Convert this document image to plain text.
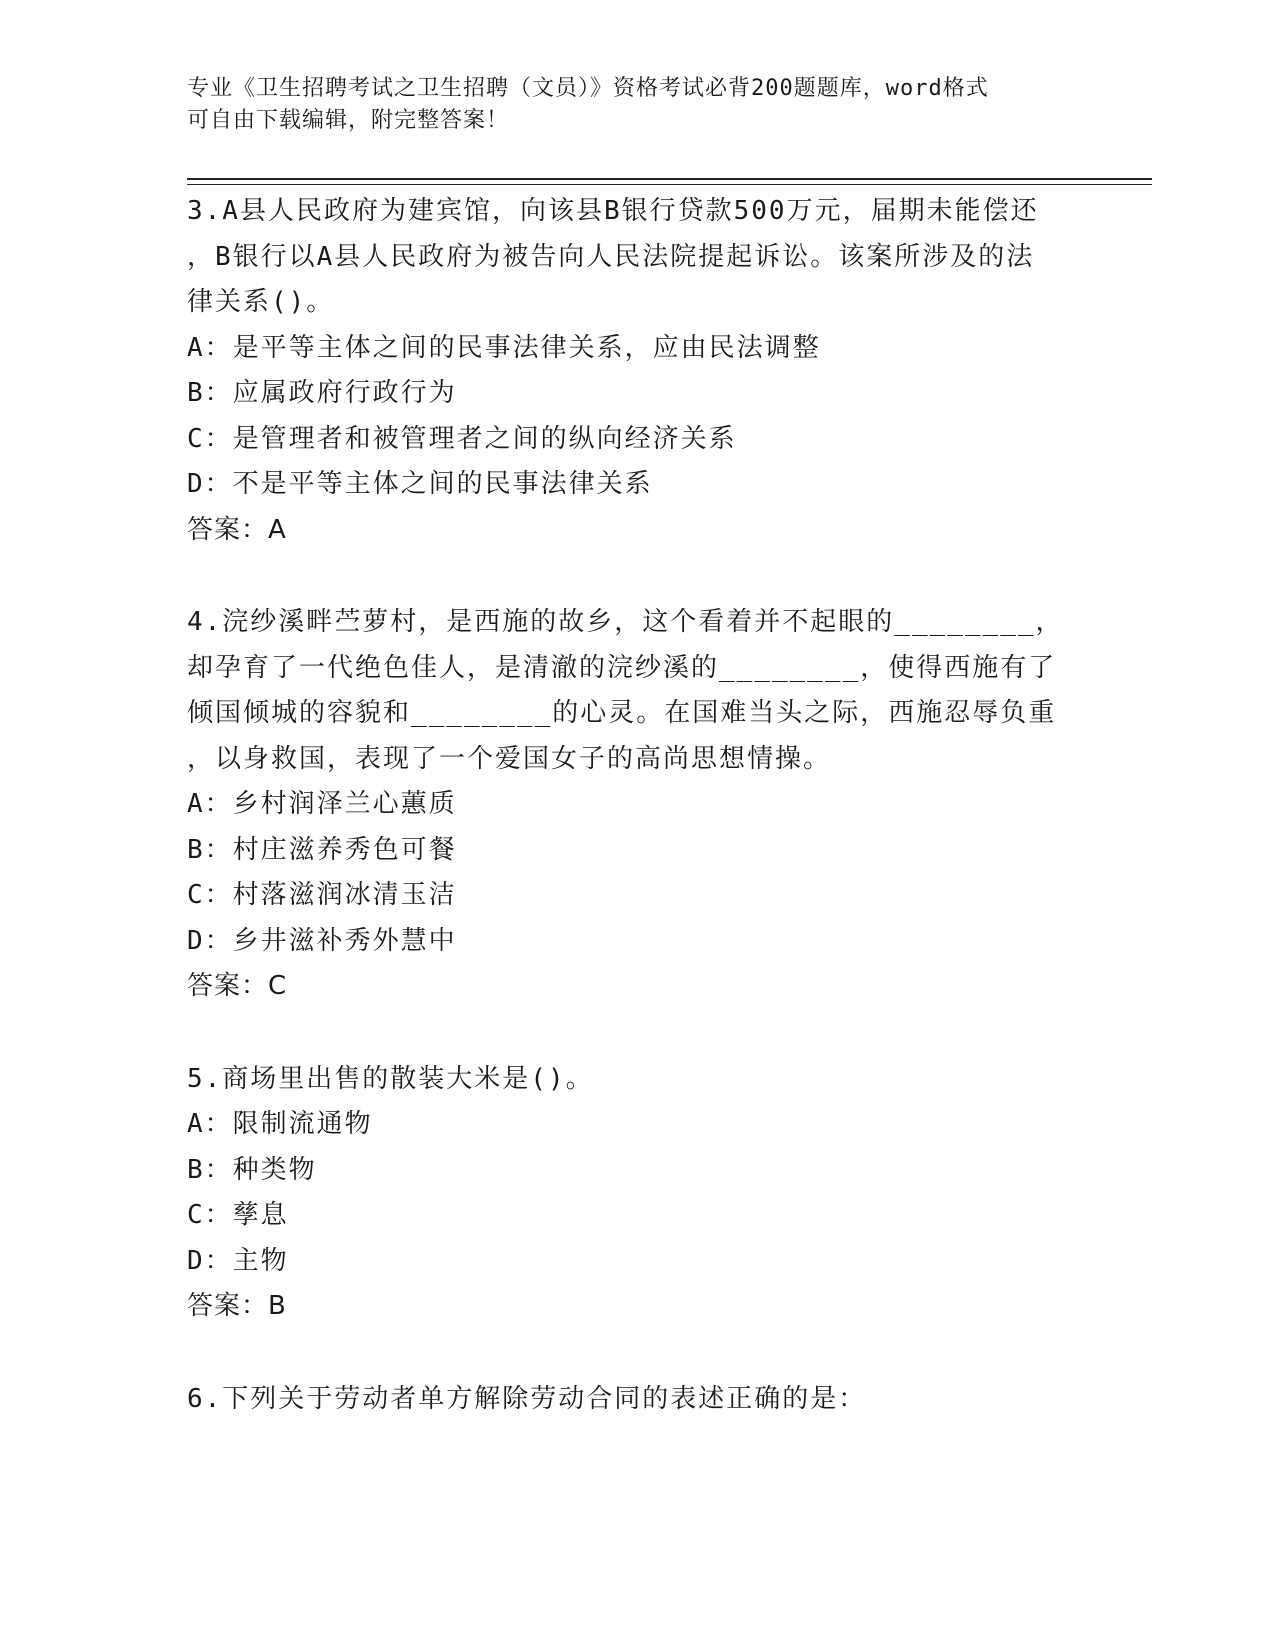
专业《卫生招聘考试之卫生招聘（文员）》资格考试必背200题题库，word格式
可自由下载编辑，附完整答案！
3.A县人民政府为建宾馆，向该县B银行贷款500万元，届期未能偿还
，B银行以A县人民政府为被告向人民法院提起诉讼。该案所涉及的法
律关系()。
A：是平等主体之间的民事法律关系，应由民法调整
B：应属政府行政行为
C：是管理者和被管理者之间的纵向经济关系
D：不是平等主体之间的民事法律关系
答案：A
4.浣纱溪畔苎萝村，是西施的故乡，这个看着并不起眼的________，
却孕育了一代绝色佳人，是清澈的浣纱溪的________，使得西施有了
倾国倾城的容貌和________的心灵。在国难当头之际，西施忍辱负重
，以身救国，表现了一个爱国女子的高尚思想情操。
A：乡村润泽兰心蕙质
B：村庄滋养秀色可餐
C：村落滋润冰清玉洁
D：乡井滋补秀外慧中
答案：C
5.商场里出售的散装大米是()。
A：限制流通物
B：种类物
C：孳息
D：主物
答案：B
6.下列关于劳动者单方解除劳动合同的表述正确的是：
